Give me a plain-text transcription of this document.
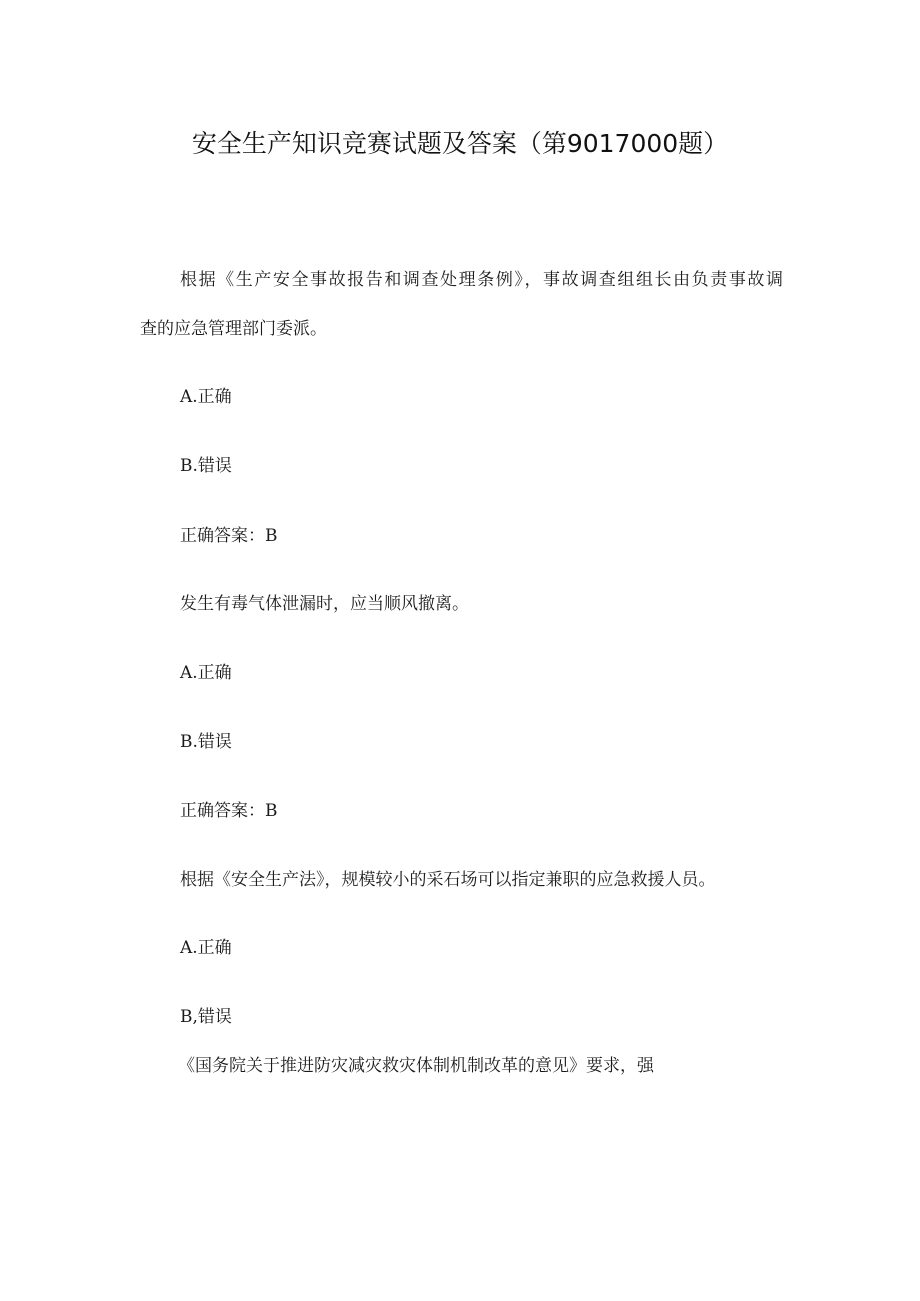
安全生产知识竞赛试题及答案（第9017000题）

根据《生产安全事故报告和调查处理条例》，事故调查组组长由负责事故调

查的应急管理部门委派。

A.正确

B.错误

正确答案：B

发生有毒气体泄漏时，应当顺风撤离。

A.正确

B.错误

正确答案：B

根据《安全生产法》，规模较小的采石场可以指定兼职的应急救援人员。

A.正确

B,错误

《国务院关于推进防灾减灾救灾体制机制改革的意见》要求，强
